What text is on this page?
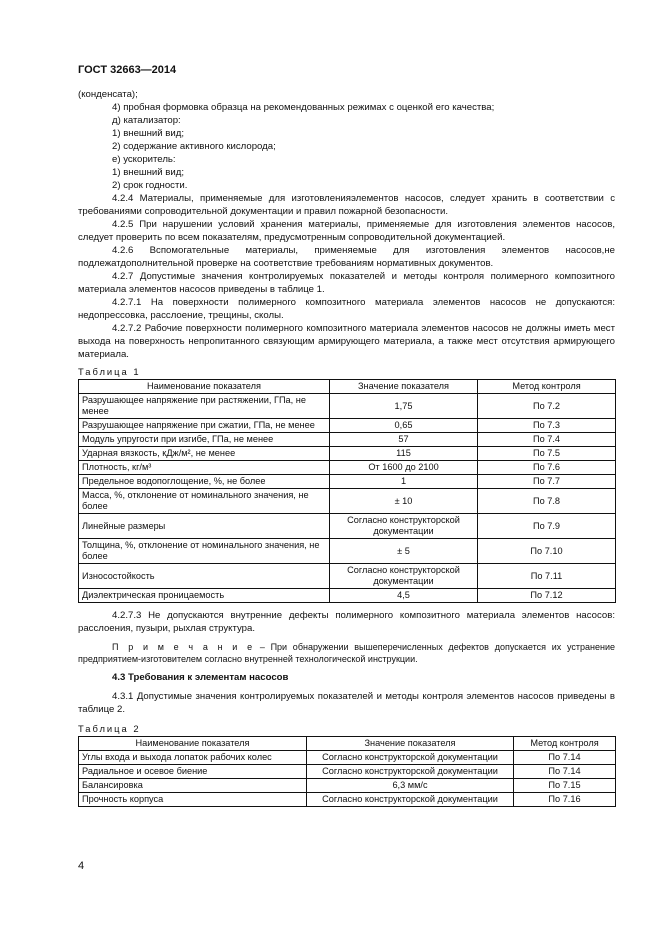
ГОСТ 32663—2014

(конденсата);

4) пробная формовка образца на рекомендованных режимах с оценкой его качества;

д) катализатор:

1) внешний вид;

2) содержание активного кислорода;

е) ускоритель:

1) внешний вид;

2) срок годности.

4.2.4 Материалы, применяемые для изготовленияэлементов насосов, следует хранить в соответствии с требованиями сопроводительной документации и правил пожарной безопасности.

4.2.5 При нарушении условий хранения материалы, применяемые для изготовления элементов насосов, следует проверить по всем показателям, предусмотренным сопроводительной документацией.

4.2.6 Вспомогательные материалы, применяемые для изготовления элементов насосов,не подлежатдополнительной проверке на соответствие требованиям нормативных документов.

4.2.7 Допустимые значения контролируемых показателей и методы контроля полимерного композитного материала элементов насосов приведены в таблице 1.

4.2.7.1 На поверхности полимерного композитного материала элементов насосов не допускаются: недопрессовка, расслоение, трещины, сколы.

4.2.7.2 Рабочие поверхности полимерного композитного материала элементов насосов не должны иметь мест выхода на поверхность непропитанного связующим армирующего материала, а также мест отсутствия армирующего материала.

Таблица 1

Наименование показателя	Значение показателя	Метод контроля
Разрушающее напряжение при растяжении, ГПа, не менее	1,75	По 7.2
Разрушающее напряжение при сжатии, ГПа, не менее	0,65	По 7.3
Модуль упругости при изгибе, ГПа, не менее	57	По 7.4
Ударная вязкость, кДж/м², не менее	115	По 7.5
Плотность, кг/м³	От 1600 до 2100	По 7.6
Предельное водопоглощение, %, не более	1	По 7.7
Масса, %, отклонение от номинального значения, не более	± 10	По 7.8
Линейные размеры	Согласно конструкторской документации	По 7.9
Толщина, %, отклонение от номинального значения, не более	± 5	По 7.10
Износостойкость	Согласно конструкторской документации	По 7.11
Диэлектрическая проницаемость	4,5	По 7.12

4.2.7.3 Не допускаются внутренние дефекты полимерного композитного материала элементов насосов: расслоения, пузыри, рыхлая структура.

П р и м е ч а н и е – При обнаружении вышеперечисленных дефектов допускается их устранение предприятием-изготовителем согласно внутренней технологической инструкции.

4.3 Требования к элементам насосов

4.3.1 Допустимые значения контролируемых показателей и методы контроля элементов насосов приведены в таблице 2.

Таблица 2

Наименование показателя	Значение показателя	Метод контроля
Углы входа и выхода лопаток рабочих колес	Согласно конструкторской документации	По 7.14
Радиальное и осевое биение	Согласно конструкторской документации	По 7.14
Балансировка	6,3 мм/с	По 7.15
Прочность корпуса	Согласно конструкторской документации	По 7.16
4
